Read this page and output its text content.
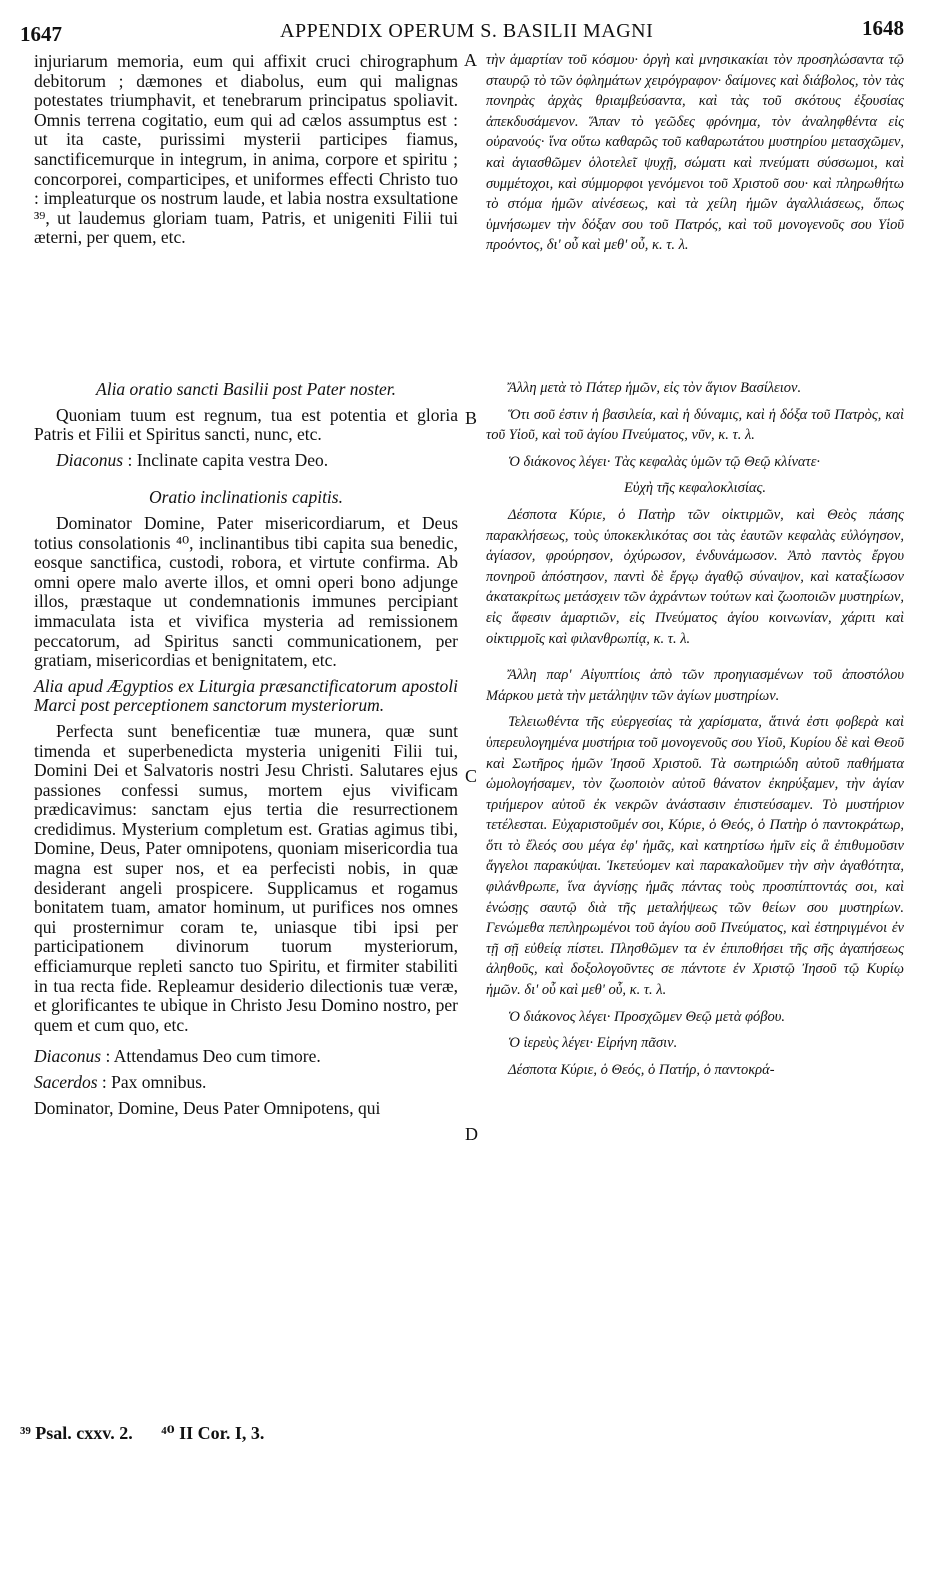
1647	APPENDIX OPERUM S. BASILII MAGNI	1648

injuriarum memoria, eum qui affixit cruci chirographum debitorum ; dæmones et diabolus, eum qui malignas potestates triumphavit, et tenebrarum principatus spoliavit. Omnis terrena cogitatio, eum qui ad cælos assumptus est : ut ita caste, purissimi mysterii participes fiamus, sanctificemurque in integrum, in anima, corpore et spiritu ; concorporei, comparticipes, et uniformes effecti Christo tuo : impleaturque os nostrum laude, et labia nostra exsultatione ³⁹, ut laudemus gloriam tuam, Patris, et unigeniti Filii tui æterni, per quem, etc.

Alia oratio sancti Basilii post Pater noster.

Quoniam tuum est regnum, tua est potentia et gloria Patris et Filii et Spiritus sancti, nunc, etc.

Diaconus : Inclinate capita vestra Deo.

Oratio inclinationis capitis.

Dominator Domine, Pater misericordiarum, et Deus totius consolationis ⁴⁰, inclinantibus tibi capita sua benedic, eosque sanctifica, custodi, robora, et virtute confirma. Ab omni opere malo averte illos, et omni operi bono adjunge illos, præstaque ut condemnationis immunes percipiant immaculata ista et vivifica mysteria ad remissionem peccatorum, ad Spiritus sancti communicationem, per gratiam, misericordias et benignitatem, etc.

Alia apud Ægyptios ex Liturgia præsanctificatorum apostoli Marci post perceptionem sanctorum mysteriorum.

Perfecta sunt beneficentiæ tuæ munera, quæ sunt timenda et superbenedicta mysteria unigeniti Filii tui, Domini Dei et Salvatoris nostri Jesu Christi. Salutares ejus passiones confessi sumus, mortem ejus vivificam prædicavimus: sanctam ejus tertia die resurrectionem credidimus. Mysterium completum est. Gratias agimus tibi, Domine, Deus, Pater omnipotens, quoniam misericordia tua magna est super nos, et ea perfecisti nobis, in quæ desiderant angeli prospicere. Supplicamus et rogamus bonitatem tuam, amator hominum, ut purifices nos omnes qui prosternimur coram te, uniasque tibi ipsi per participationem divinorum tuorum mysteriorum, efficiamurque repleti sancto tuo Spiritu, et firmiter stabiliti in tua recta fide. Repleamur desiderio dilectionis tuæ veræ, et glorificantes te ubique in Christo Jesu Domino nostro, per quem et cum quo, etc.

Diaconus : Attendamus Deo cum timore.

Sacerdos : Pax omnibus.

Dominator, Domine, Deus Pater Omnipotens, qui

τὴν ἁμαρτίαν τοῦ κόσμου· ὀργὴ καὶ μνησικακίαι τὸν προσηλώσαντα τῷ σταυρῷ τὸ τῶν ὀφλημάτων χειρόγραφον· δαίμονες καὶ διάβολος, τὸν τὰς πονηρὰς ἀρχὰς θριαμβεύσαντα, καὶ τὰς τοῦ σκότους ἐξουσίας ἀπεκδυσάμενον. Ἅπαν τὸ γεῶδες φρόνημα, τὸν ἀναληφθέντα εἰς οὐρανούς· ἵνα οὕτω καθαρῶς τοῦ καθαρωτάτου μυστηρίου μετασχῶμεν, καὶ ἁγιασθῶμεν ὁλοτελεῖ ψυχῇ, σώματι καὶ πνεύματι σύσσωμοι, καὶ συμμέτοχοι, καὶ σύμμορφοι γενόμενοι τοῦ Χριστοῦ σου· καὶ πληρωθήτω τὸ στόμα ἡμῶν αἰνέσεως, καὶ τὰ χείλη ἡμῶν ἀγαλλιάσεως, ὅπως ὑμνήσωμεν τὴν δόξαν σου τοῦ Πατρός, καὶ τοῦ μονογενοῦς σου Υἱοῦ προόντος, δι' οὗ καὶ μεθ' οὗ, κ. τ. λ.

Ἄλλη μετὰ τὸ Πάτερ ἡμῶν, εἰς τὸν ἅγιον Βασίλειον.

Ὅτι σοῦ ἐστιν ἡ βασιλεία, καὶ ἡ δύναμις, καὶ ἡ δόξα τοῦ Πατρὸς, καὶ τοῦ Υἱοῦ, καὶ τοῦ ἁγίου Πνεύματος, νῦν, κ. τ. λ.

Ὁ διάκονος λέγει· Τὰς κεφαλὰς ὑμῶν τῷ Θεῷ κλίνατε·

Εὐχὴ τῆς κεφαλοκλισίας.

Δέσποτα Κύριε, ὁ Πατὴρ τῶν οἰκτιρμῶν, καὶ Θεὸς πάσης παρακλήσεως, τοὺς ὑποκεκλικότας σοι τὰς ἑαυτῶν κεφαλὰς εὐλόγησον, ἁγίασον, φρούρησον, ὀχύρωσον, ἐνδυνάμωσον. Ἀπὸ παντὸς ἔργου πονηροῦ ἀπόστησον, παντὶ δὲ ἔργῳ ἀγαθῷ σύναψον, καὶ καταξίωσον ἀκατακρίτως μετάσχειν τῶν ἀχράντων τούτων καὶ ζωοποιῶν μυστηρίων, εἰς ἄφεσιν ἁμαρτιῶν, εἰς Πνεύματος ἁγίου κοινωνίαν, χάριτι καὶ οἰκτιρμοῖς καὶ φιλανθρωπίᾳ, κ. τ. λ.

Ἄλλη παρ' Αἰγυπτίοις ἀπὸ τῶν προηγιασμένων τοῦ ἀποστόλου Μάρκου μετὰ τὴν μετάληψιν τῶν ἁγίων μυστηρίων.

Τελειωθέντα τῆς εὐεργεσίας τὰ χαρίσματα, ἅτινά ἐστι φοβερὰ καὶ ὑπερευλογημένα μυστήρια τοῦ μονογενοῦς σου Υἱοῦ, Κυρίου δὲ καὶ Θεοῦ καὶ Σωτῆρος ἡμῶν Ἰησοῦ Χριστοῦ. Τὰ σωτηριώδη αὐτοῦ παθήματα ὡμολογήσαμεν, τὸν ζωοποιὸν αὐτοῦ θάνατον ἐκηρύξαμεν, τὴν ἁγίαν τριήμερον αὐτοῦ ἐκ νεκρῶν ἀνάστασιν ἐπιστεύσαμεν. Τὸ μυστήριον τετέλεσται. Εὐχαριστοῦμέν σοι, Κύριε, ὁ Θεός, ὁ Πατὴρ ὁ παντοκράτωρ, ὅτι τὸ ἔλεός σου μέγα ἐφ' ἡμᾶς, καὶ κατηρτίσω ἡμῖν εἰς ἃ ἐπιθυμοῦσιν ἄγγελοι παρακύψαι. Ἱκετεύομεν καὶ παρακαλοῦμεν τὴν σὴν ἀγαθότητα, φιλάνθρωπε, ἵνα ἁγνίσῃς ἡμᾶς πάντας τοὺς προσπίπτοντάς σοι, καὶ ἑνώσῃς σαυτῷ διὰ τῆς μεταλήψεως τῶν θείων σου μυστηρίων. Γενώμεθα πεπληρωμένοι τοῦ ἁγίου σοῦ Πνεύματος, καὶ ἐστηριγμένοι ἐν τῇ σῇ εὐθείᾳ πίστει. Πλησθῶμεν τα ἐν ἐπιποθήσει τῆς σῆς ἀγαπήσεως ἀληθοῦς, καὶ δοξολογοῦντες σε πάντοτε ἐν Χριστῷ Ἰησοῦ τῷ Κυρίῳ ἡμῶν. δι' οὗ καὶ μεθ' οὗ, κ. τ. λ.

Ὁ διάκονος λέγει· Προσχῶμεν Θεῷ μετὰ φόβου.

Ὁ ἱερεὺς λέγει· Εἰρήνη πᾶσιν.

Δέσποτα Κύριε, ὁ Θεός, ὁ Πατήρ, ὁ παντοκρά-

A
B
C
D
³⁹ Psal. cxxv. 2. ⁴⁰ II Cor. I, 3.
